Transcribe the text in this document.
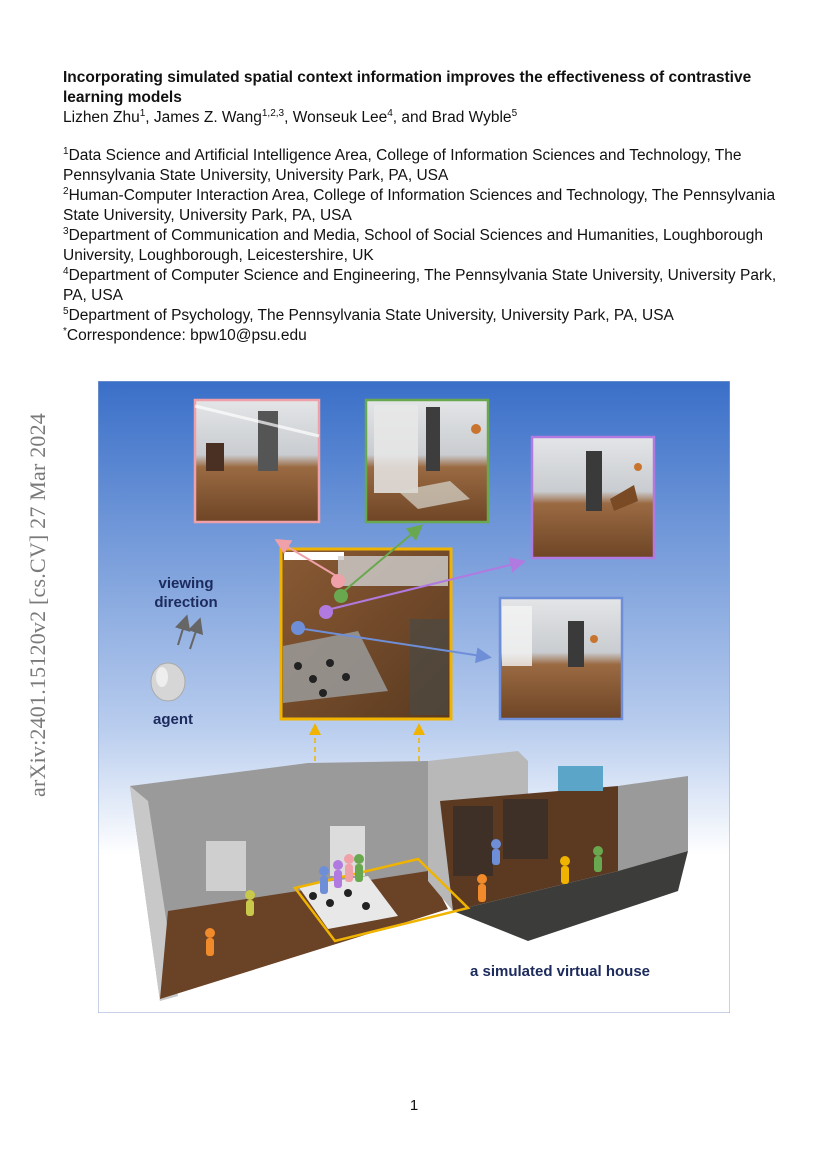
arXiv:2401.15120v2 [cs.CV] 27 Mar 2024
Incorporating simulated spatial context information improves the effectiveness of contrastive learning models
Lizhen Zhu$^1$, James Z. Wang$^{1,2,3}$, Wonseuk Lee$^4$, and Brad Wyble$^5$

$^1$Data Science and Artificial Intelligence Area, College of Information Sciences and Technology, The Pennsylvania State University, University Park, PA, USA

$^2$Human-Computer Interaction Area, College of Information Sciences and Technology, The Pennsylvania State University, University Park, PA, USA

$^3$Department of Communication and Media, School of Social Sciences and Humanities, Loughborough University, Loughborough, Leicestershire, UK

$^4$Department of Computer Science and Engineering, The Pennsylvania State University, University Park, PA, USA

$^5$Department of Psychology, The Pennsylvania State University, University Park, PA, USA

*Correspondence: bpw10@psu.edu

viewing
direction
agent
a simulated virtual house
1
